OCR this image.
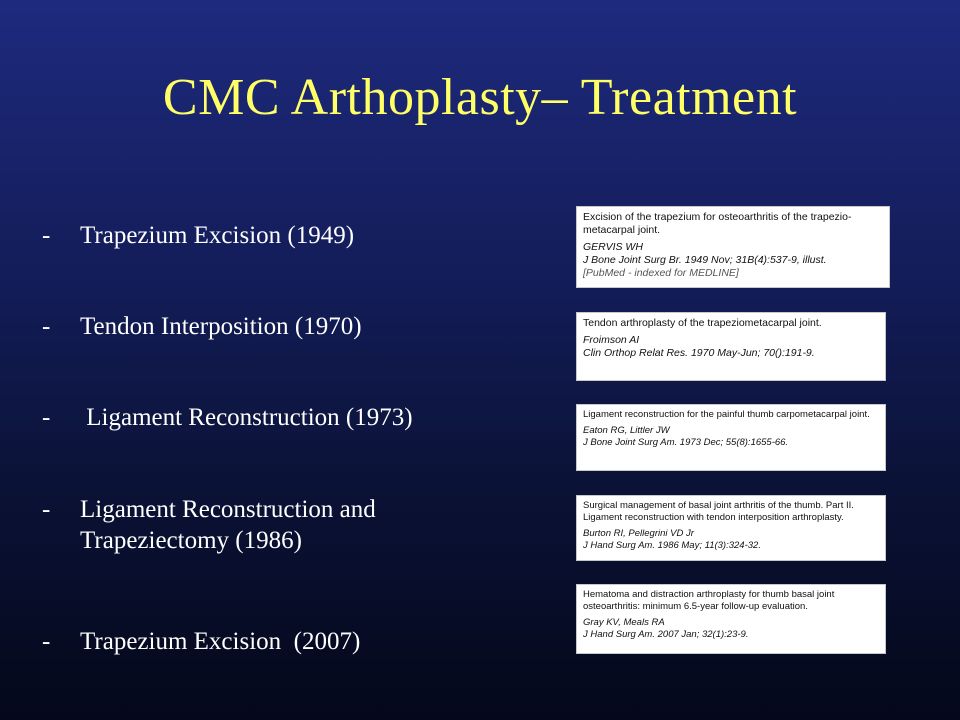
CMC Arthoplasty– Treatment
-	Trapezium Excision (1949)
-	Tendon Interposition (1970)
-	Ligament Reconstruction (1973)
-	Ligament Reconstruction and Trapeziectomy (1986)
-	Trapezium Excision  (2007)
Excision of the trapezium for osteoarthritis of the trapezio-metacarpal joint.
GERVIS WH
J Bone Joint Surg Br. 1949 Nov; 31B(4):537-9, illust.
[PubMed - indexed for MEDLINE]
Tendon arthroplasty of the trapeziometacarpal joint.
Froimson AI
Clin Orthop Relat Res. 1970 May-Jun; 70():191-9.
Ligament reconstruction for the painful thumb carpometacarpal joint.
Eaton RG, Littler JW
J Bone Joint Surg Am. 1973 Dec; 55(8):1655-66.
Surgical management of basal joint arthritis of the thumb. Part II. Ligament reconstruction with tendon interposition arthroplasty.
Burton RI, Pellegrini VD Jr
J Hand Surg Am. 1986 May; 11(3):324-32.
Hematoma and distraction arthroplasty for thumb basal joint osteoarthritis: minimum 6.5-year follow-up evaluation.
Gray KV, Meals RA
J Hand Surg Am. 2007 Jan; 32(1):23-9.
